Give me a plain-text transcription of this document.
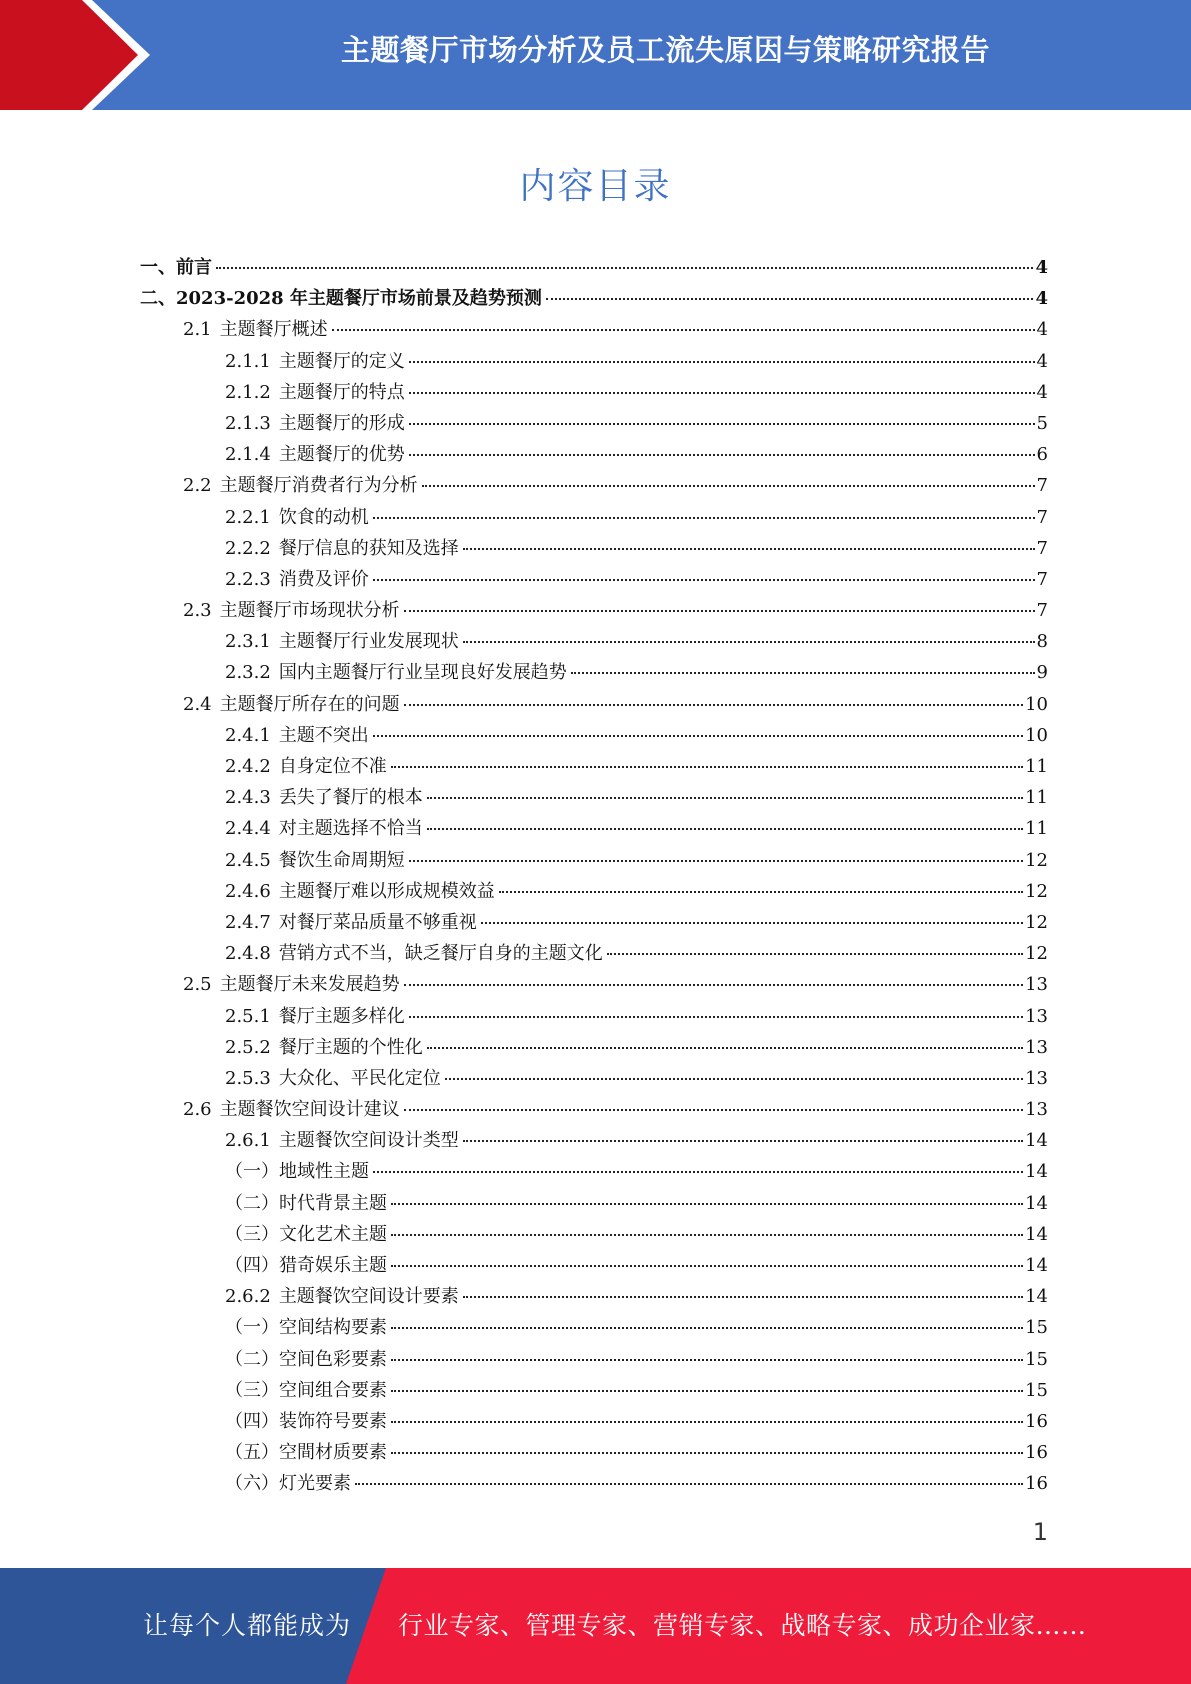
主题餐厅市场分析及员工流失原因与策略研究报告
内容目录
一、 前言	4
二、 2023-2028 年主题餐厅市场前景及趋势预测	4
2.1 主题餐厅概述	4
2.1.1 主题餐厅的定义	4
2.1.2 主题餐厅的特点	4
2.1.3 主题餐厅的形成	5
2.1.4 主题餐厅的优势	6
2.2 主题餐厅消费者行为分析	7
2.2.1 饮食的动机	7
2.2.2 餐厅信息的获知及选择	7
2.2.3 消费及评价	7
2.3 主题餐厅市场现状分析	7
2.3.1 主题餐厅行业发展现状	8
2.3.2 国内主题餐厅行业呈现良好发展趋势	9
2.4 主题餐厅所存在的问题	10
2.4.1 主题不突出	10
2.4.2 自身定位不准	11
2.4.3 丢失了餐厅的根本	11
2.4.4 对主题选择不恰当	11
2.4.5 餐饮生命周期短	12
2.4.6 主题餐厅难以形成规模效益	12
2.4.7 对餐厅菜品质量不够重视	12
2.4.8 营销方式不当，缺乏餐厅自身的主题文化	12
2.5 主题餐厅未来发展趋势	13
2.5.1 餐厅主题多样化	13
2.5.2 餐厅主题的个性化	13
2.5.3 大众化、平民化定位	13
2.6 主题餐饮空间设计建议	13
2.6.1 主题餐饮空间设计类型	14
（一） 地域性主题	14
（二） 时代背景主题	14
（三） 文化艺术主题	14
（四） 猎奇娱乐主题	14
2.6.2 主题餐饮空间设计要素	14
（一） 空间结构要素	15
（二） 空间色彩要素	15
（三） 空间组合要素	15
（四） 装饰符号要素	16
（五） 空間材质要素	16
（六） 灯光要素	16
1
让每个人都能成为 行业专家、管理专家、营销专家、战略专家、成功企业家……
